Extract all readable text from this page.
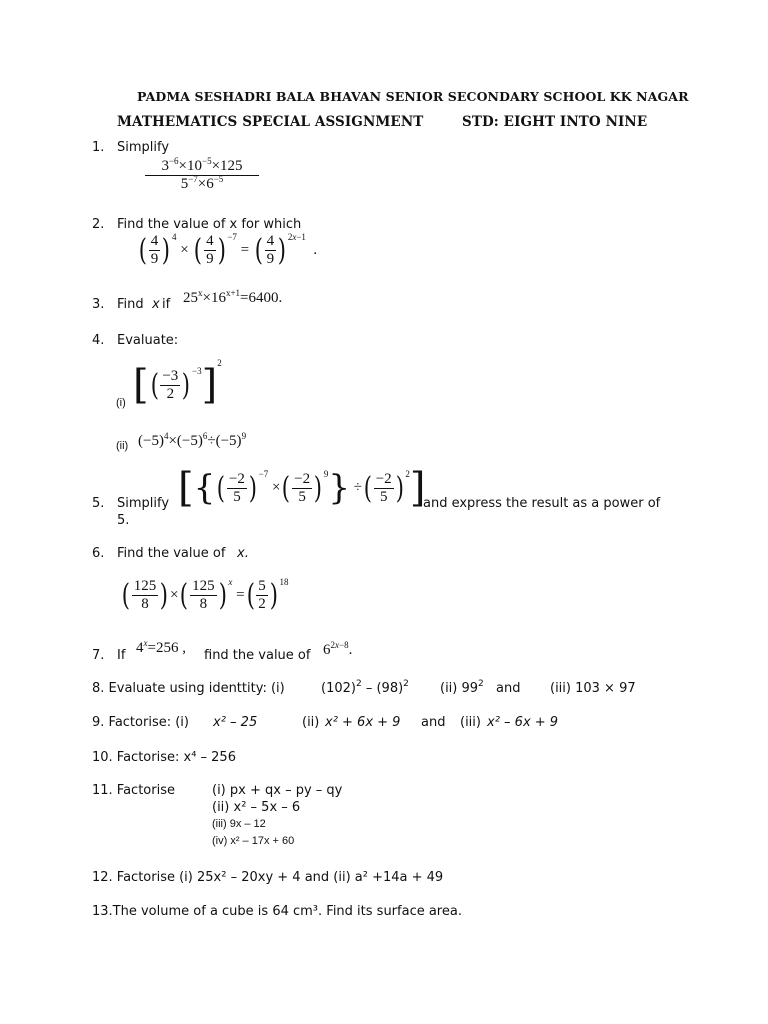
PADMA SESHADRI BALA BHAVAN SENIOR SECONDARY SCHOOL KK NAGAR
MATHEMATICS SPECIAL ASSIGNMENT	STD: EIGHT INTO NINE
1. Simplify
$\frac{3^{-6}\times 10^{-5}\times 125}{5^{-7}\times 6^{-5}}$
2. Find the value of x for which
( $\frac{4}{9}$ ) $^4$ × ( $\frac{4}{9}$ ) $^{-7}$ = ( $\frac{4}{9}$ ) $^{2x-1}$  .
3. Find x if $25^x\times 16^{x+1}=6400$.
4. Evaluate:
(i) [( $\frac{-3}{2}$ ) $^{-3}$]$^2$
(ii) $(-5)^4\times(-5)^6\div(-5)^9$
5. Simplify [{( $\frac{-2}{5}$ ) $^{-7}$ ×( $\frac{-2}{5}$ ) $^9$} ÷( $\frac{-2}{5}$ ) $^2$]
and express the result as a power of
5.
6. Find the value of x.
( $\frac{125}{8}$ ) ×( $\frac{125}{8}$ ) $^x$ =( $\frac{5}{2}$ ) $^{18}$
7. If $4^x=256$ , find the value of $6^{2x-8}$.
8. Evaluate using identtity: (i)	$(102)^2 - (98)^2$ (ii) $99^2$ and (iii) 103 × 97
9. Factorise: (i) x² – 25	(ii) x² + 6x + 9 and (iii) x² – 6x + 9
10. Factorise: x⁴ – 256
11. Factorise	(i) px + qx – py – qy
(ii) x² – 5x – 6
(iii) 9x – 12
(iv) x² – 17x + 60
12. Factorise (i) 25x² – 20xy + 4 and (ii) a² +14a + 49
13.The volume of a cube is 64 cm³. Find its surface area.
